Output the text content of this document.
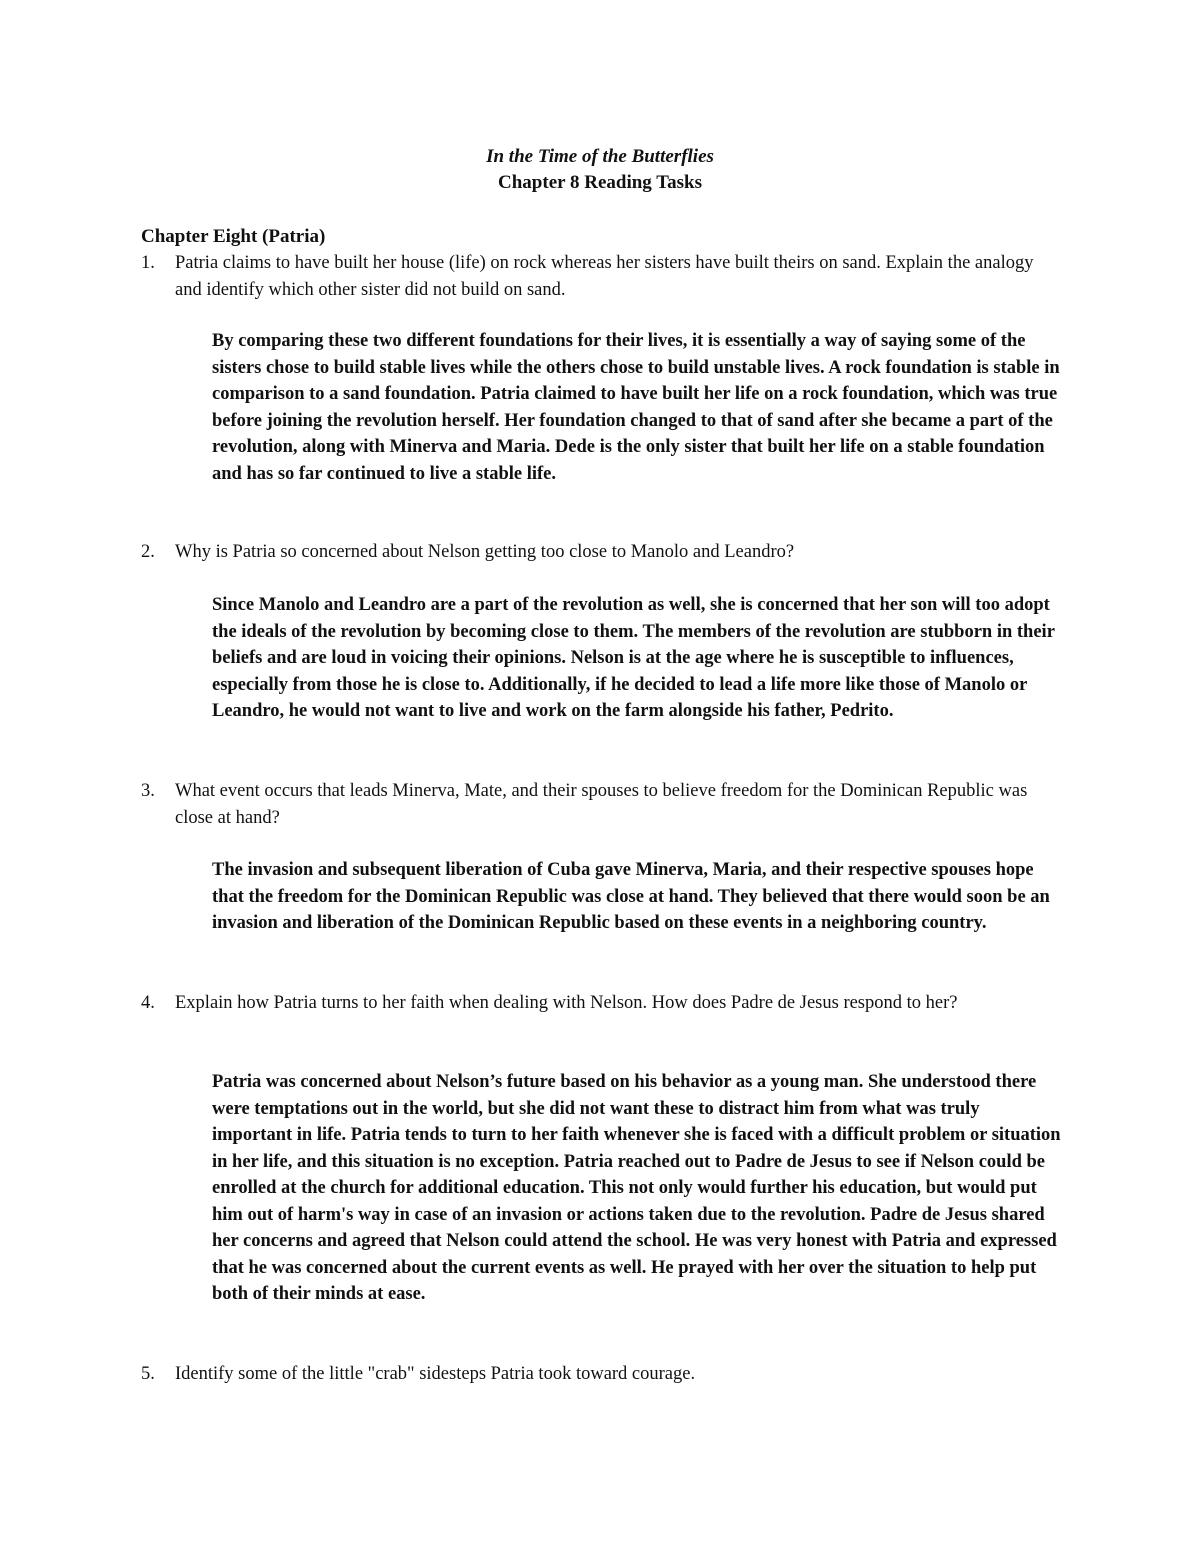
In the Time of the Butterflies
Chapter 8 Reading Tasks
Chapter Eight (Patria)
1. Patria claims to have built her house (life) on rock whereas her sisters have built theirs on sand. Explain the analogy and identify which other sister did not build on sand.
By comparing these two different foundations for their lives, it is essentially a way of saying some of the sisters chose to build stable lives while the others chose to build unstable lives. A rock foundation is stable in comparison to a sand foundation. Patria claimed to have built her life on a rock foundation, which was true before joining the revolution herself. Her foundation changed to that of sand after she became a part of the revolution, along with Minerva and Maria. Dede is the only sister that built her life on a stable foundation and has so far continued to live a stable life.
2. Why is Patria so concerned about Nelson getting too close to Manolo and Leandro?
Since Manolo and Leandro are a part of the revolution as well, she is concerned that her son will too adopt the ideals of the revolution by becoming close to them. The members of the revolution are stubborn in their beliefs and are loud in voicing their opinions. Nelson is at the age where he is susceptible to influences, especially from those he is close to. Additionally, if he decided to lead a life more like those of Manolo or Leandro, he would not want to live and work on the farm alongside his father, Pedrito.
3. What event occurs that leads Minerva, Mate, and their spouses to believe freedom for the Dominican Republic was close at hand?
The invasion and subsequent liberation of Cuba gave Minerva, Maria, and their respective spouses hope that the freedom for the Dominican Republic was close at hand. They believed that there would soon be an invasion and liberation of the Dominican Republic based on these events in a neighboring country.
4. Explain how Patria turns to her faith when dealing with Nelson. How does Padre de Jesus respond to her?
Patria was concerned about Nelson’s future based on his behavior as a young man. She understood there were temptations out in the world, but she did not want these to distract him from what was truly important in life. Patria tends to turn to her faith whenever she is faced with a difficult problem or situation in her life, and this situation is no exception. Patria reached out to Padre de Jesus to see if Nelson could be enrolled at the church for additional education. This not only would further his education, but would put him out of harm's way in case of an invasion or actions taken due to the revolution. Padre de Jesus shared her concerns and agreed that Nelson could attend the school. He was very honest with Patria and expressed that he was concerned about the current events as well. He prayed with her over the situation to help put both of their minds at ease.
5. Identify some of the little "crab" sidesteps Patria took toward courage.
